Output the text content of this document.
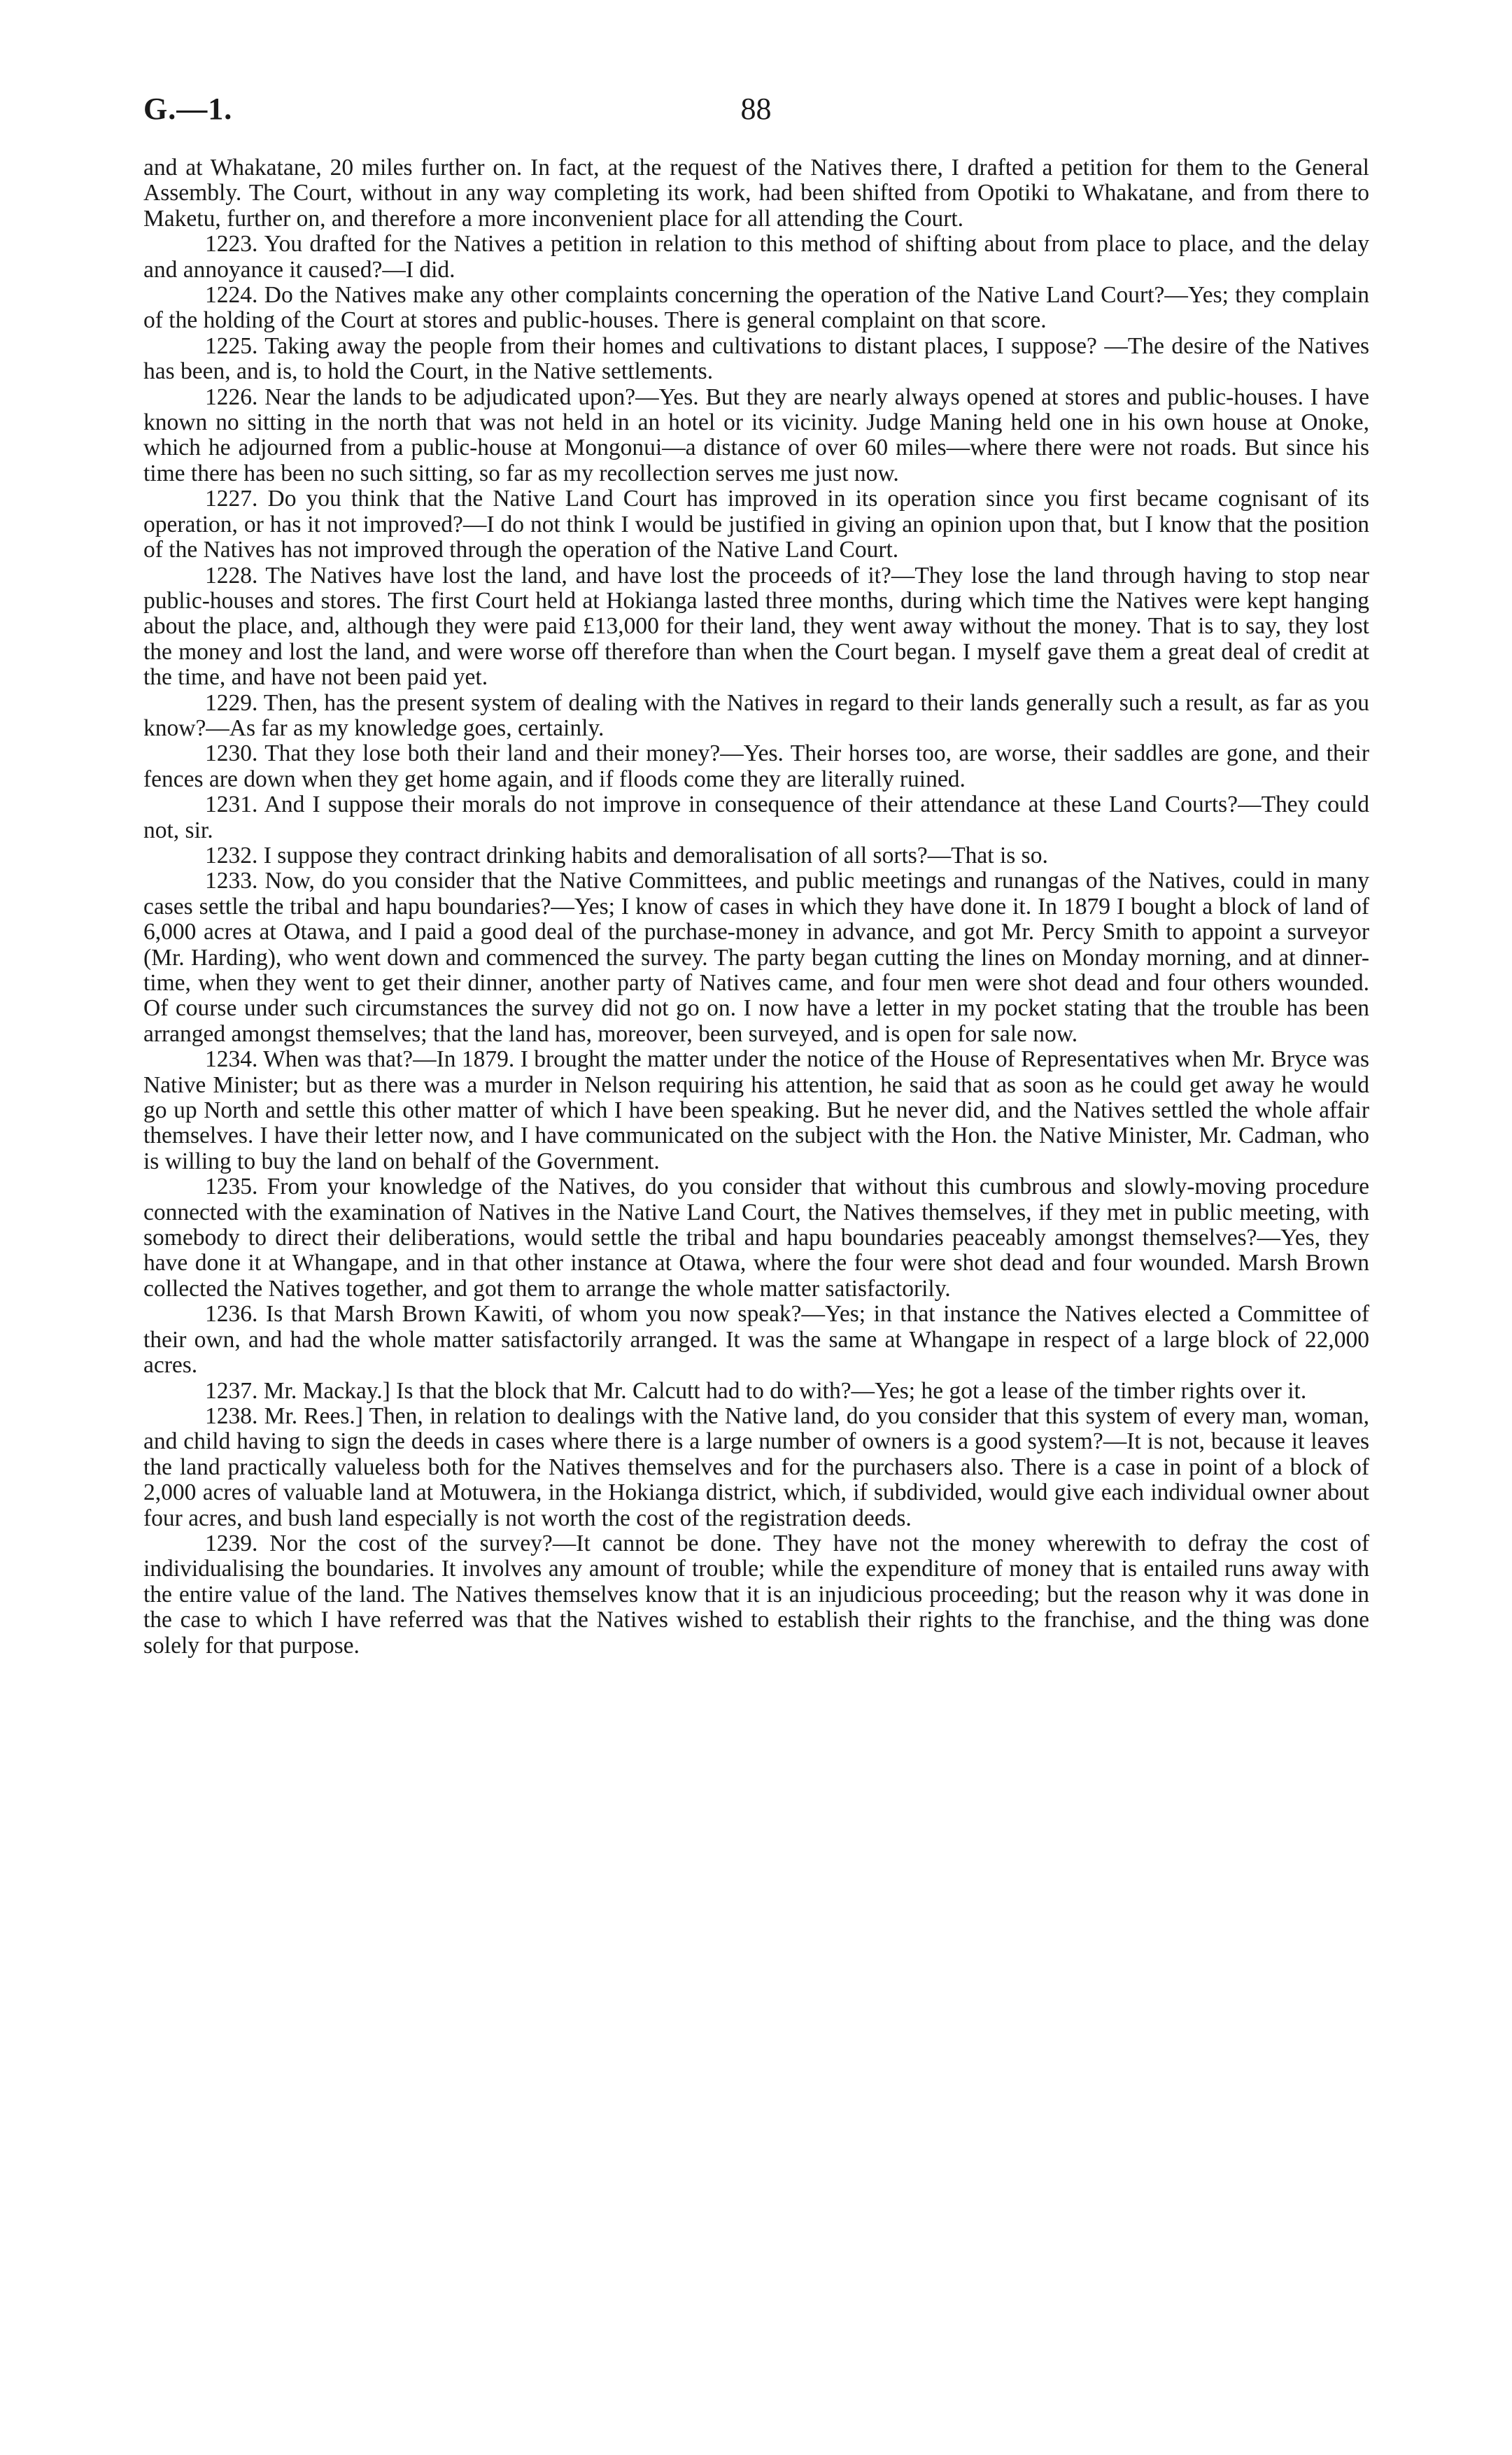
G.—1.	88

and at Whakatane, 20 miles further on. In fact, at the request of the Natives there, I drafted a petition for them to the General Assembly. The Court, without in any way completing its work, had been shifted from Opotiki to Whakatane, and from there to Maketu, further on, and therefore a more inconvenient place for all attending the Court.

1223. You drafted for the Natives a petition in relation to this method of shifting about from place to place, and the delay and annoyance it caused?—I did.

1224. Do the Natives make any other complaints concerning the operation of the Native Land Court?—Yes; they complain of the holding of the Court at stores and public-houses. There is general complaint on that score.

1225. Taking away the people from their homes and cultivations to distant places, I suppose? —The desire of the Natives has been, and is, to hold the Court, in the Native settlements.

1226. Near the lands to be adjudicated upon?—Yes. But they are nearly always opened at stores and public-houses. I have known no sitting in the north that was not held in an hotel or its vicinity. Judge Maning held one in his own house at Onoke, which he adjourned from a public-house at Mongonui—a distance of over 60 miles—where there were not roads. But since his time there has been no such sitting, so far as my recollection serves me just now.

1227. Do you think that the Native Land Court has improved in its operation since you first became cognisant of its operation, or has it not improved?—I do not think I would be justified in giving an opinion upon that, but I know that the position of the Natives has not improved through the operation of the Native Land Court.

1228. The Natives have lost the land, and have lost the proceeds of it?—They lose the land through having to stop near public-houses and stores. The first Court held at Hokianga lasted three months, during which time the Natives were kept hanging about the place, and, although they were paid £13,000 for their land, they went away without the money. That is to say, they lost the money and lost the land, and were worse off therefore than when the Court began. I myself gave them a great deal of credit at the time, and have not been paid yet.

1229. Then, has the present system of dealing with the Natives in regard to their lands generally such a result, as far as you know?—As far as my knowledge goes, certainly.

1230. That they lose both their land and their money?—Yes. Their horses too, are worse, their saddles are gone, and their fences are down when they get home again, and if floods come they are literally ruined.

1231. And I suppose their morals do not improve in consequence of their attendance at these Land Courts?—They could not, sir.

1232. I suppose they contract drinking habits and demoralisation of all sorts?—That is so.

1233. Now, do you consider that the Native Committees, and public meetings and runangas of the Natives, could in many cases settle the tribal and hapu boundaries?—Yes; I know of cases in which they have done it. In 1879 I bought a block of land of 6,000 acres at Otawa, and I paid a good deal of the purchase-money in advance, and got Mr. Percy Smith to appoint a surveyor (Mr. Harding), who went down and commenced the survey. The party began cutting the lines on Monday morning, and at dinner-time, when they went to get their dinner, another party of Natives came, and four men were shot dead and four others wounded. Of course under such circumstances the survey did not go on. I now have a letter in my pocket stating that the trouble has been arranged amongst themselves; that the land has, moreover, been surveyed, and is open for sale now.

1234. When was that?—In 1879. I brought the matter under the notice of the House of Representatives when Mr. Bryce was Native Minister; but as there was a murder in Nelson requiring his attention, he said that as soon as he could get away he would go up North and settle this other matter of which I have been speaking. But he never did, and the Natives settled the whole affair themselves. I have their letter now, and I have communicated on the subject with the Hon. the Native Minister, Mr. Cadman, who is willing to buy the land on behalf of the Government.

1235. From your knowledge of the Natives, do you consider that without this cumbrous and slowly-moving procedure connected with the examination of Natives in the Native Land Court, the Natives themselves, if they met in public meeting, with somebody to direct their deliberations, would settle the tribal and hapu boundaries peaceably amongst themselves?—Yes, they have done it at Whangape, and in that other instance at Otawa, where the four were shot dead and four wounded. Marsh Brown collected the Natives together, and got them to arrange the whole matter satisfactorily.

1236. Is that Marsh Brown Kawiti, of whom you now speak?—Yes; in that instance the Natives elected a Committee of their own, and had the whole matter satisfactorily arranged. It was the same at Whangape in respect of a large block of 22,000 acres.

1237. Mr. Mackay.] Is that the block that Mr. Calcutt had to do with?—Yes; he got a lease of the timber rights over it.

1238. Mr. Rees.] Then, in relation to dealings with the Native land, do you consider that this system of every man, woman, and child having to sign the deeds in cases where there is a large number of owners is a good system?—It is not, because it leaves the land practically valueless both for the Natives themselves and for the purchasers also. There is a case in point of a block of 2,000 acres of valuable land at Motuwera, in the Hokianga district, which, if subdivided, would give each individual owner about four acres, and bush land especially is not worth the cost of the registration deeds.

1239. Nor the cost of the survey?—It cannot be done. They have not the money wherewith to defray the cost of individualising the boundaries. It involves any amount of trouble; while the expenditure of money that is entailed runs away with the entire value of the land. The Natives themselves know that it is an injudicious proceeding; but the reason why it was done in the case to which I have referred was that the Natives wished to establish their rights to the franchise, and the thing was done solely for that purpose.
